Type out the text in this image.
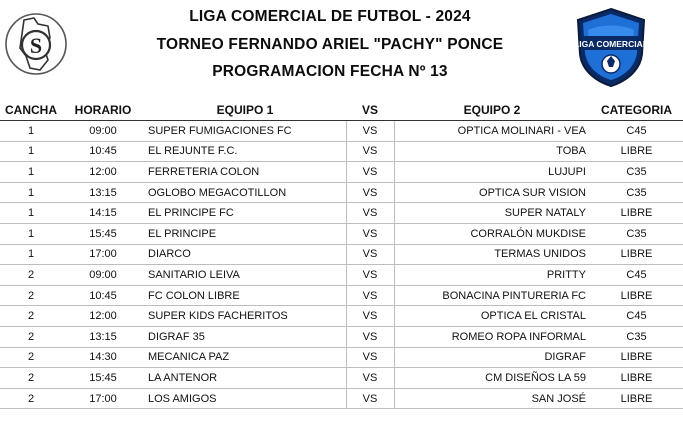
S
LIGA COMERCIAL DE FUTBOL - 2024
TORNEO FERNANDO ARIEL "PACHY" PONCE
PROGRAMACION FECHA Nº 13
LIGA COMERCIAL
CANCHA	HORARIO	EQUIPO 1	VS	EQUIPO 2	CATEGORIA
1	09:00	SUPER FUMIGACIONES FC	VS	OPTICA MOLINARI - VEA	C45
1	10:45	EL REJUNTE F.C.	VS	TOBA	LIBRE
1	12:00	FERRETERIA COLON	VS	LUJUPI	C35
1	13:15	OGLOBO MEGACOTILLON	VS	OPTICA SUR VISION	C35
1	14:15	EL PRINCIPE FC	VS	SUPER NATALY	LIBRE
1	15:45	EL PRINCIPE	VS	CORRALÓN MUKDISE	C35
1	17:00	DIARCO	VS	TERMAS UNIDOS	LIBRE
2	09:00	SANITARIO LEIVA	VS	PRITTY	C45
2	10:45	FC COLON LIBRE	VS	BONACINA PINTURERIA FC	LIBRE
2	12:00	SUPER KIDS FACHERITOS	VS	OPTICA EL CRISTAL	C45
2	13:15	DIGRAF 35	VS	ROMEO ROPA INFORMAL	C35
2	14:30	MECANICA PAZ	VS	DIGRAF	LIBRE
2	15:45	LA ANTENOR	VS	CM DISEÑOS LA 59	LIBRE
2	17:00	LOS AMIGOS	VS	SAN JOSÉ	LIBRE
